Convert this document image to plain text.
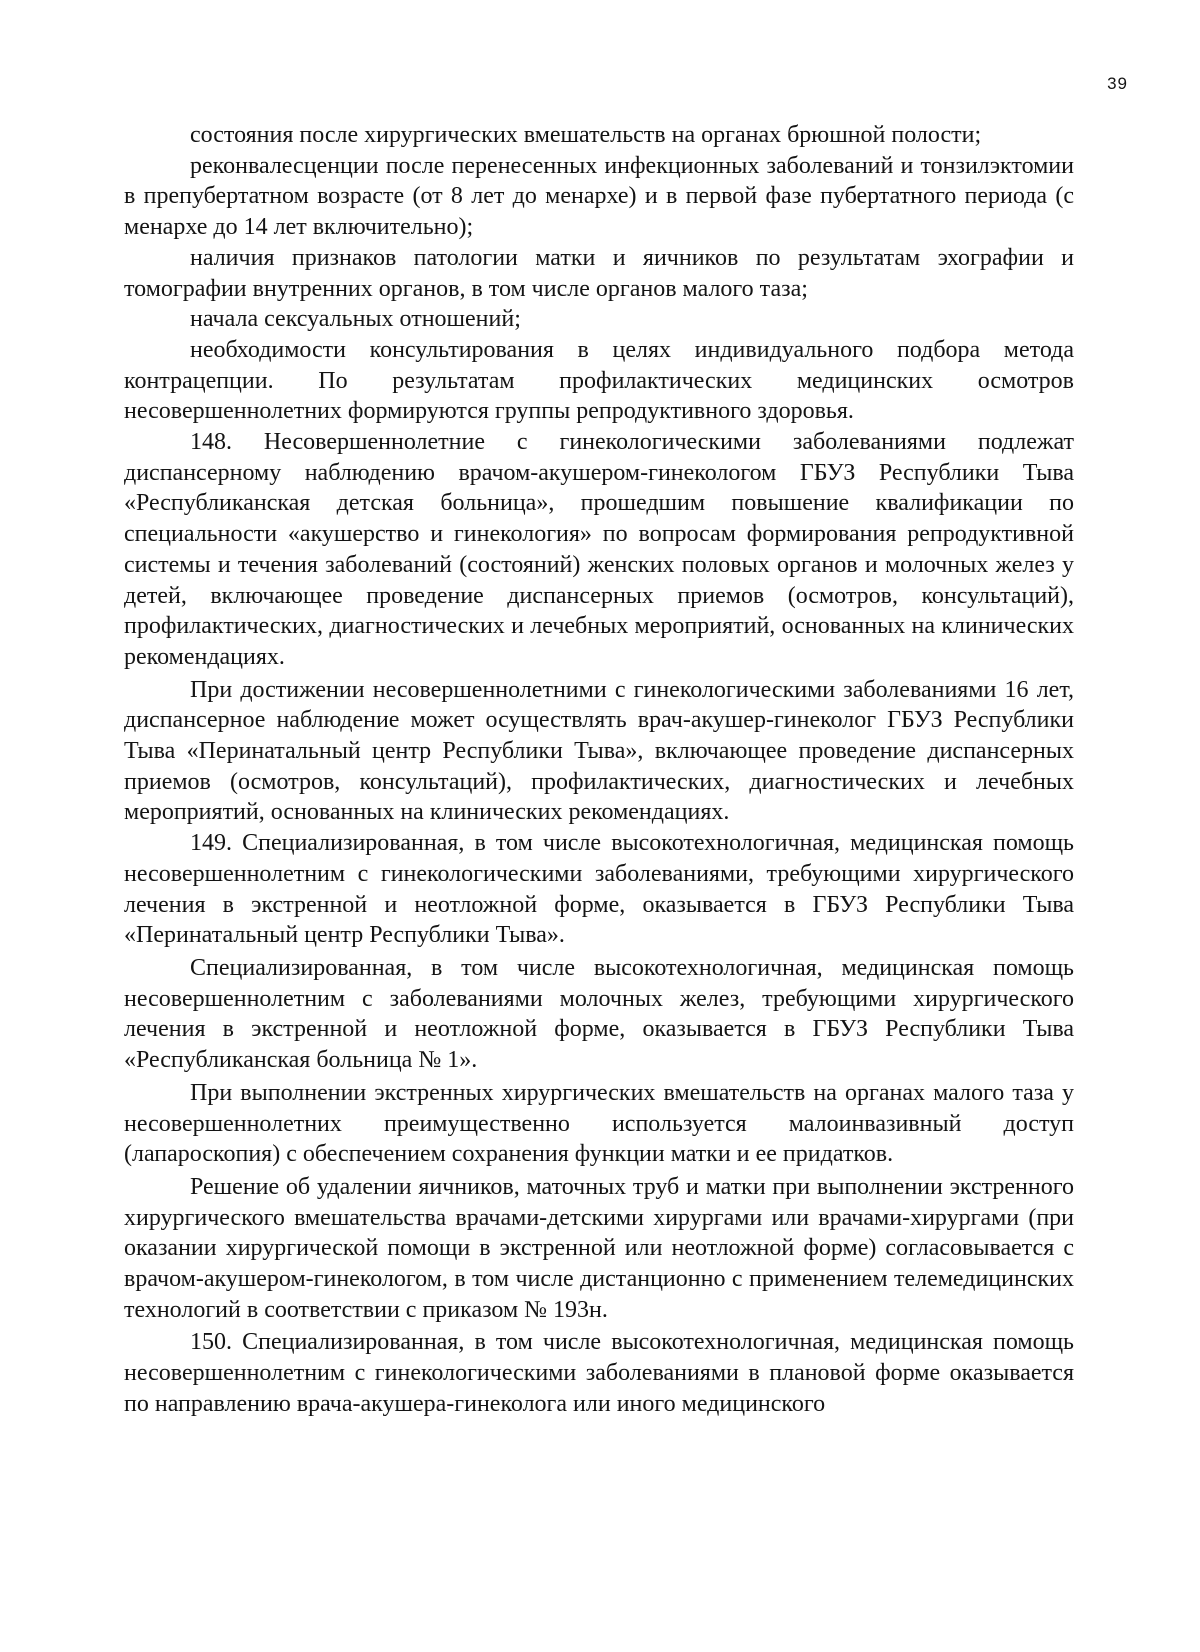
39

состояния после хирургических вмешательств на органах брюшной полости;

реконвалесценции после перенесенных инфекционных заболеваний и тонзилэктомии в препубертатном возрасте (от 8 лет до менархе) и в первой фазе пубертатного периода (с менархе до 14 лет включительно);

наличия признаков патологии матки и яичников по результатам эхографии и томографии внутренних органов, в том числе органов малого таза;

начала сексуальных отношений;

необходимости консультирования в целях индивидуального подбора метода контрацепции. По результатам профилактических медицинских осмотров несовершеннолетних формируются группы репродуктивного здоровья.

148. Несовершеннолетние с гинекологическими заболеваниями подлежат диспансерному наблюдению врачом-акушером-гинекологом ГБУЗ Республики Тыва «Республиканская детская больница», прошедшим повышение квалификации по специальности «акушерство и гинекология» по вопросам формирования репродуктивной системы и течения заболеваний (состояний) женских половых органов и молочных желез у детей, включающее проведение диспансерных приемов (осмотров, консультаций), профилактических, диагностических и лечебных мероприятий, основанных на клинических рекомендациях.

При достижении несовершеннолетними с гинекологическими заболеваниями 16 лет, диспансерное наблюдение может осуществлять врач-акушер-гинеколог ГБУЗ Республики Тыва «Перинатальный центр Республики Тыва», включающее проведение диспансерных приемов (осмотров, консультаций), профилактических, диагностических и лечебных мероприятий, основанных на клинических рекомендациях.

149. Специализированная, в том числе высокотехнологичная, медицинская помощь несовершеннолетним с гинекологическими заболеваниями, требующими хирургического лечения в экстренной и неотложной форме, оказывается в ГБУЗ Республики Тыва «Перинатальный центр Республики Тыва».

Специализированная, в том числе высокотехнологичная, медицинская помощь несовершеннолетним с заболеваниями молочных желез, требующими хирургического лечения в экстренной и неотложной форме, оказывается в ГБУЗ Республики Тыва «Республиканская больница № 1».

При выполнении экстренных хирургических вмешательств на органах малого таза у несовершеннолетних преимущественно используется малоинвазивный доступ (лапароскопия) с обеспечением сохранения функции матки и ее придатков.

Решение об удалении яичников, маточных труб и матки при выполнении экстренного хирургического вмешательства врачами-детскими хирургами или врачами-хирургами (при оказании хирургической помощи в экстренной или неотложной форме) согласовывается с врачом-акушером-гинекологом, в том числе дистанционно с применением телемедицинских технологий в соответствии с приказом № 193н.

150. Специализированная, в том числе высокотехнологичная, медицинская помощь несовершеннолетним с гинекологическими заболеваниями в плановой форме оказывается по направлению врача-акушера-гинеколога или иного медицинского
